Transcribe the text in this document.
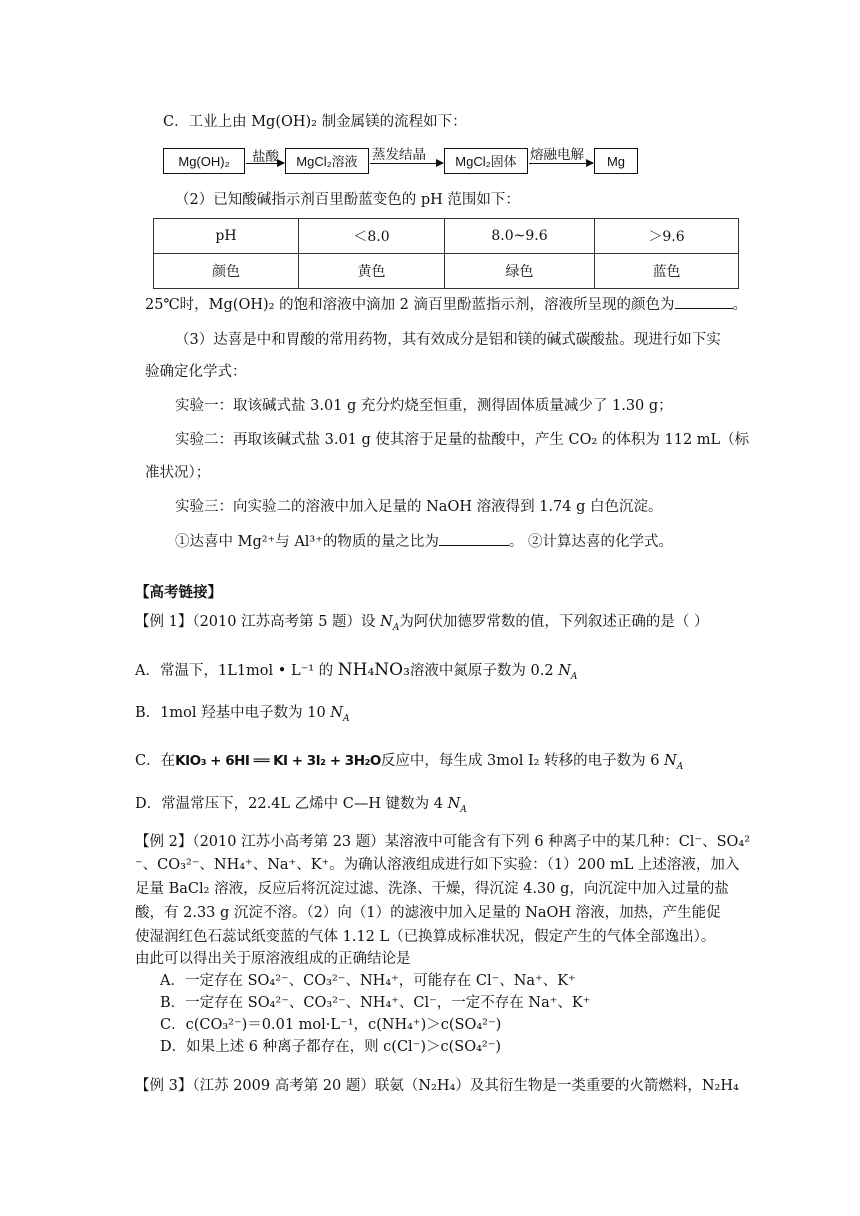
C．工业上由 Mg(OH)₂ 制金属镁的流程如下：
Mg(OH)₂	盐酸	MgCl₂溶液	蒸发结晶	MgCl₂固体 熔融电解	Mg
（2）已知酸碱指示剂百里酚蓝变色的 pH 范围如下：
pH	＜8.0	8.0~9.6	＞9.6
颜色	黄色	绿色	蓝色
25℃时，Mg(OH)₂ 的饱和溶液中滴加 2 滴百里酚蓝指示剂，溶液所呈现的颜色为	。
（3）达喜是中和胃酸的常用药物，其有效成分是铝和镁的碱式碳酸盐。现进行如下实
验确定化学式：
实验一：取该碱式盐 3.01 g 充分灼烧至恒重，测得固体质量减少了 1.30 g；
实验二：再取该碱式盐 3.01 g 使其溶于足量的盐酸中，产生 CO₂ 的体积为 112 mL（标
准状况）；
实验三：向实验二的溶液中加入足量的 NaOH 溶液得到 1.74 g 白色沉淀。
①达喜中 Mg²⁺与 Al³⁺的物质的量之比为	。 ②计算达喜的化学式。
【高考链接】
【例 1】（2010 江苏高考第 5 题）设 $N_A$为阿伏加德罗常数的值，下列叙述正确的是（ ）
A．常温下，1L1mol • L⁻¹ 的 NH₄NO₃溶液中氮原子数为 0.2 $N_A$
B．1mol 羟基中电子数为 10 $N_A$
C．在KIO₃ + 6HI ══ KI + 3I₂ + 3H₂O反应中，每生成 3mol I₂ 转移的电子数为 6 $N_A$
D．常温常压下，22.4L 乙烯中 C—H 键数为 4 $N_A$
【例 2】（2010 江苏小高考第 23 题）某溶液中可能含有下列 6 种离子中的某几种：Cl⁻、SO₄²
⁻、CO₃²⁻、NH₄⁺、Na⁺、K⁺。为确认溶液组成进行如下实验：（1）200 mL 上述溶液，加入
足量 BaCl₂ 溶液，反应后将沉淀过滤、洗涤、干燥，得沉淀 4.30 g，向沉淀中加入过量的盐
酸，有 2.33 g 沉淀不溶。（2）向（1）的滤液中加入足量的 NaOH 溶液，加热，产生能促
使湿润红色石蕊试纸变蓝的气体 1.12 L（已换算成标准状况，假定产生的气体全部逸出）。
由此可以得出关于原溶液组成的正确结论是
A．一定存在 SO₄²⁻、CO₃²⁻、NH₄⁺，可能存在 Cl⁻、Na⁺、K⁺
B．一定存在 SO₄²⁻、CO₃²⁻、NH₄⁺、Cl⁻，一定不存在 Na⁺、K⁺
C．c(CO₃²⁻)＝0.01 mol·L⁻¹，c(NH₄⁺)＞c(SO₄²⁻)
D．如果上述 6 种离子都存在，则 c(Cl⁻)＞c(SO₄²⁻)
【例 3】（江苏 2009 高考第 20 题）联氨（N₂H₄）及其衍生物是一类重要的火箭燃料，N₂H₄
